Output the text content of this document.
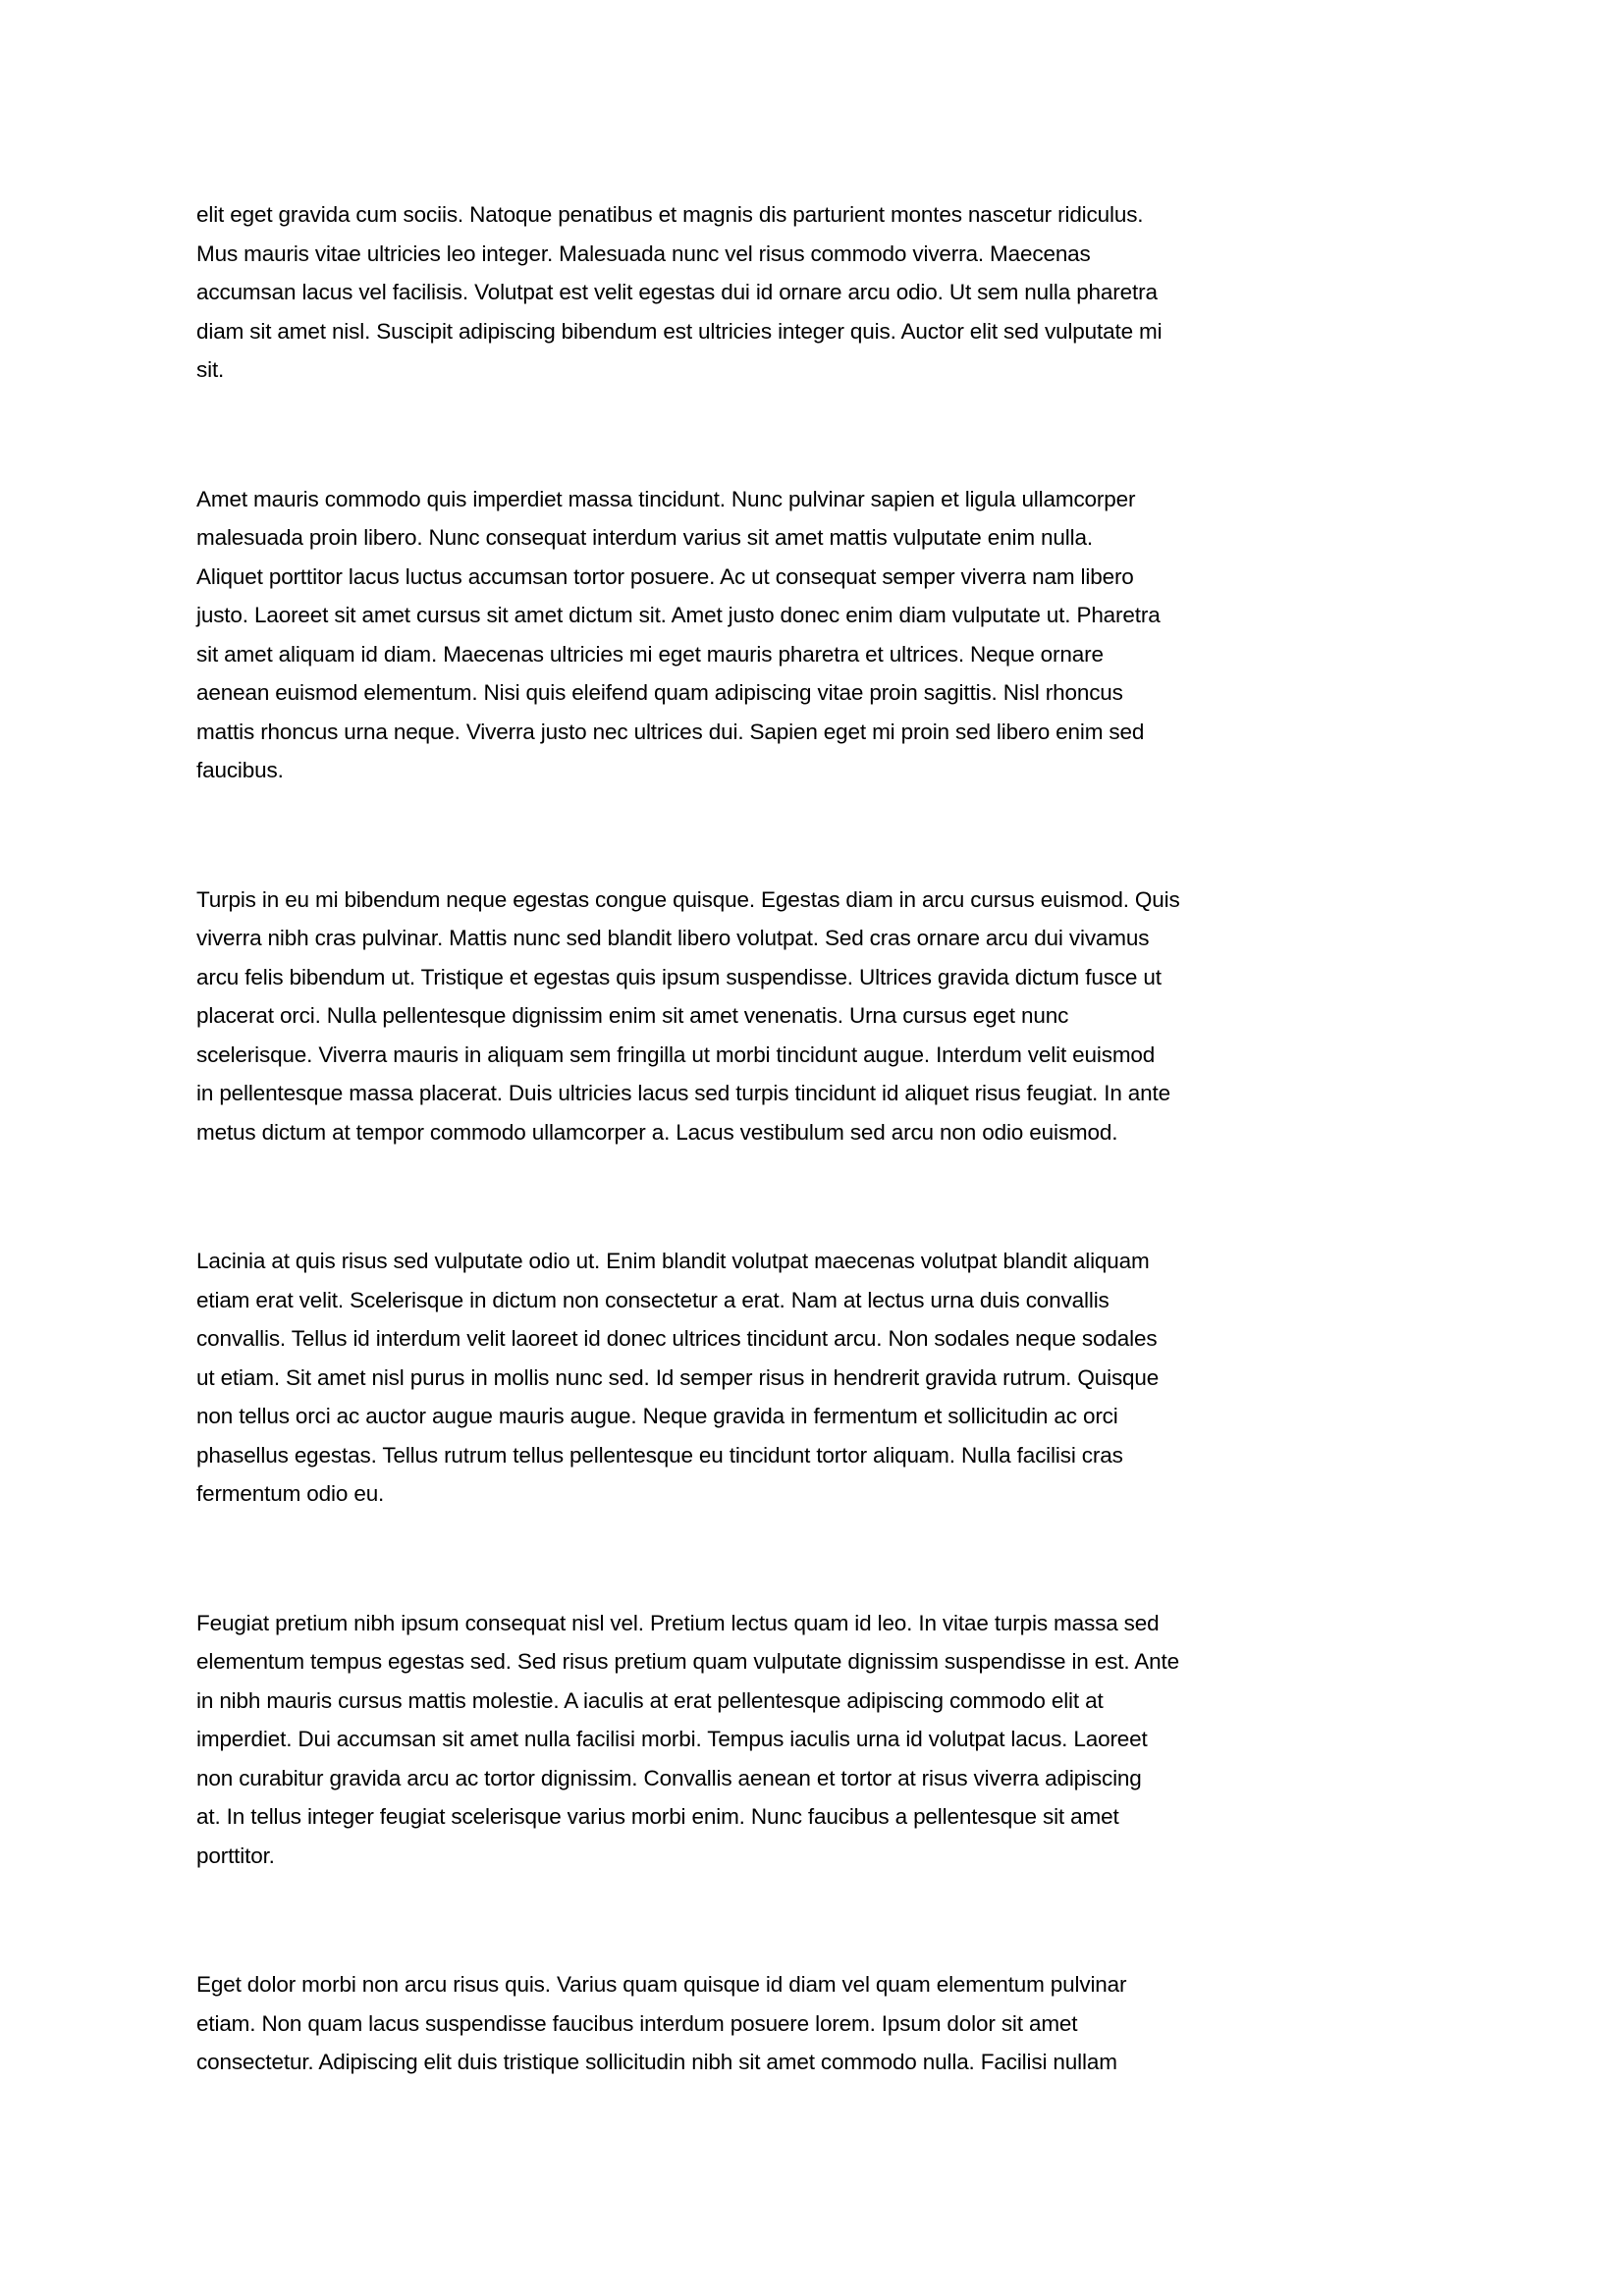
elit eget gravida cum sociis. Natoque penatibus et magnis dis parturient montes nascetur ridiculus.
Mus mauris vitae ultricies leo integer. Malesuada nunc vel risus commodo viverra. Maecenas
accumsan lacus vel facilisis. Volutpat est velit egestas dui id ornare arcu odio. Ut sem nulla pharetra
diam sit amet nisl. Suscipit adipiscing bibendum est ultricies integer quis. Auctor elit sed vulputate mi
sit.

Amet mauris commodo quis imperdiet massa tincidunt. Nunc pulvinar sapien et ligula ullamcorper
malesuada proin libero. Nunc consequat interdum varius sit amet mattis vulputate enim nulla.
Aliquet porttitor lacus luctus accumsan tortor posuere. Ac ut consequat semper viverra nam libero
justo. Laoreet sit amet cursus sit amet dictum sit. Amet justo donec enim diam vulputate ut. Pharetra
sit amet aliquam id diam. Maecenas ultricies mi eget mauris pharetra et ultrices. Neque ornare
aenean euismod elementum. Nisi quis eleifend quam adipiscing vitae proin sagittis. Nisl rhoncus
mattis rhoncus urna neque. Viverra justo nec ultrices dui. Sapien eget mi proin sed libero enim sed
faucibus.

Turpis in eu mi bibendum neque egestas congue quisque. Egestas diam in arcu cursus euismod. Quis
viverra nibh cras pulvinar. Mattis nunc sed blandit libero volutpat. Sed cras ornare arcu dui vivamus
arcu felis bibendum ut. Tristique et egestas quis ipsum suspendisse. Ultrices gravida dictum fusce ut
placerat orci. Nulla pellentesque dignissim enim sit amet venenatis. Urna cursus eget nunc
scelerisque. Viverra mauris in aliquam sem fringilla ut morbi tincidunt augue. Interdum velit euismod
in pellentesque massa placerat. Duis ultricies lacus sed turpis tincidunt id aliquet risus feugiat. In ante
metus dictum at tempor commodo ullamcorper a. Lacus vestibulum sed arcu non odio euismod.

Lacinia at quis risus sed vulputate odio ut. Enim blandit volutpat maecenas volutpat blandit aliquam
etiam erat velit. Scelerisque in dictum non consectetur a erat. Nam at lectus urna duis convallis
convallis. Tellus id interdum velit laoreet id donec ultrices tincidunt arcu. Non sodales neque sodales
ut etiam. Sit amet nisl purus in mollis nunc sed. Id semper risus in hendrerit gravida rutrum. Quisque
non tellus orci ac auctor augue mauris augue. Neque gravida in fermentum et sollicitudin ac orci
phasellus egestas. Tellus rutrum tellus pellentesque eu tincidunt tortor aliquam. Nulla facilisi cras
fermentum odio eu.

Feugiat pretium nibh ipsum consequat nisl vel. Pretium lectus quam id leo. In vitae turpis massa sed
elementum tempus egestas sed. Sed risus pretium quam vulputate dignissim suspendisse in est. Ante
in nibh mauris cursus mattis molestie. A iaculis at erat pellentesque adipiscing commodo elit at
imperdiet. Dui accumsan sit amet nulla facilisi morbi. Tempus iaculis urna id volutpat lacus. Laoreet
non curabitur gravida arcu ac tortor dignissim. Convallis aenean et tortor at risus viverra adipiscing
at. In tellus integer feugiat scelerisque varius morbi enim. Nunc faucibus a pellentesque sit amet
porttitor.

Eget dolor morbi non arcu risus quis. Varius quam quisque id diam vel quam elementum pulvinar
etiam. Non quam lacus suspendisse faucibus interdum posuere lorem. Ipsum dolor sit amet
consectetur. Adipiscing elit duis tristique sollicitudin nibh sit amet commodo nulla. Facilisi nullam
